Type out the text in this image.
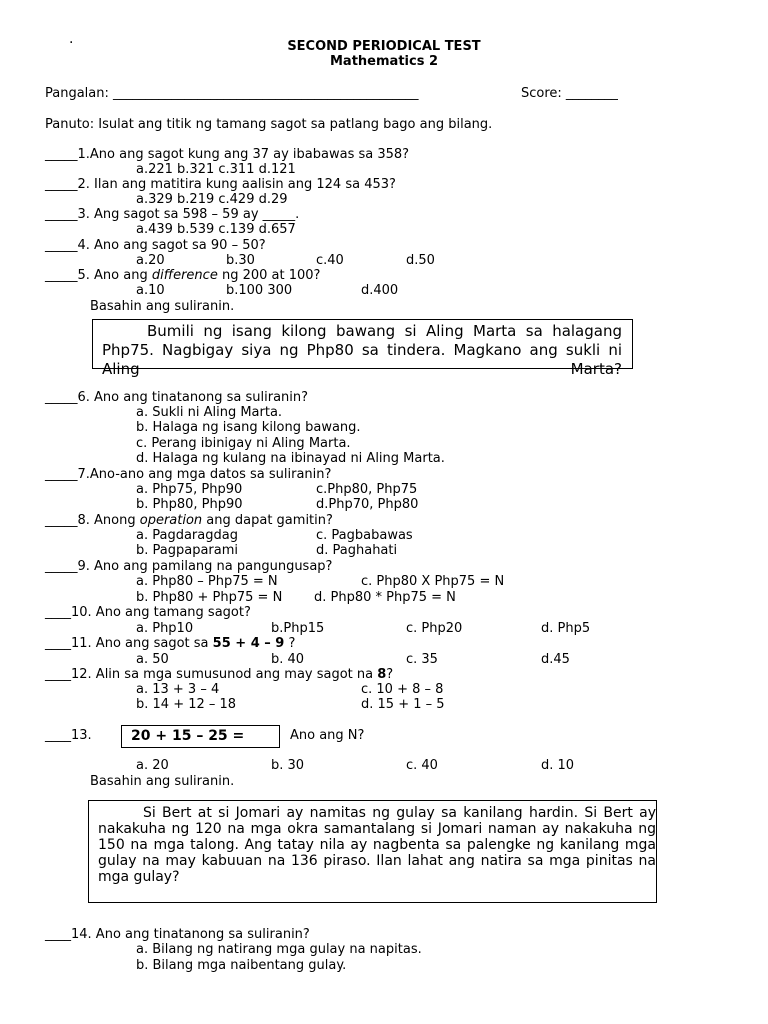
.	SECOND PERIODICAL TEST
Mathematics 2
Pangalan: _______________________________________________	Score: ________
Panuto: Isulat ang titik ng tamang sagot sa patlang bago ang bilang.
_____1.Ano ang sagot kung ang 37 ay ibabawas sa 358?
a.221 b.321 c.311 d.121
_____2. Ilan ang matitira kung aalisin ang 124 sa 453?
a.329 b.219 c.429 d.29
_____3. Ang sagot sa 598 – 59 ay _____.
a.439 b.539 c.139 d.657
_____4. Ano ang sagot sa 90 – 50?
a.20	b.30	c.40	d.50
_____5. Ano ang difference ng 200 at 100?
a.10	b.100 300	d.400
Basahin ang suliranin.
Bumili ng isang kilong bawang si Aling Marta sa halagang Php75. Nagbigay siya ng Php80 sa tindera. Magkano ang sukli ni Aling Marta?
_____6. Ano ang tinatanong sa suliranin?
a. Sukli ni Aling Marta.
b. Halaga ng isang kilong bawang.
c. Perang ibinigay ni Aling Marta.
d. Halaga ng kulang na ibinayad ni Aling Marta.
_____7.Ano-ano ang mga datos sa suliranin?
a. Php75, Php90	c.Php80, Php75
b. Php80, Php90	d.Php70, Php80
_____8. Anong operation ang dapat gamitin?
a. Pagdaragdag	c. Pagbabawas
b. Pagpaparami	d. Paghahati
_____9. Ano ang pamilang na pangungusap?
a. Php80 – Php75 = N	c. Php80 X Php75 = N
b. Php80 + Php75 = N d. Php80 * Php75 = N
____10. Ano ang tamang sagot?
a. Php10	b.Php15	c. Php20	d. Php5
____11. Ano ang sagot sa 55 + 4 – 9 ?
a. 50	b. 40	c. 35	d.45
____12. Alin sa mga sumusunod ang may sagot na 8?
a. 13 + 3 – 4	c. 10 + 8 – 8
b. 14 + 12 – 18	d. 15 + 1 – 5
____13.	20 + 15 – 25 =	Ano ang N?
a. 20	b. 30	c. 40	d. 10
Basahin ang suliranin.
Si Bert at si Jomari ay namitas ng gulay sa kanilang hardin. Si Bert ay nakakuha ng 120 na mga okra samantalang si Jomari naman ay nakakuha ng 150 na mga talong. Ang tatay nila ay nagbenta sa palengke ng kanilang mga gulay na may kabuuan na 136 piraso. Ilan lahat ang natira sa mga pinitas na mga gulay?
____14. Ano ang tinatanong sa suliranin?
a. Bilang ng natirang mga gulay na napitas.
b. Bilang mga naibentang gulay.
